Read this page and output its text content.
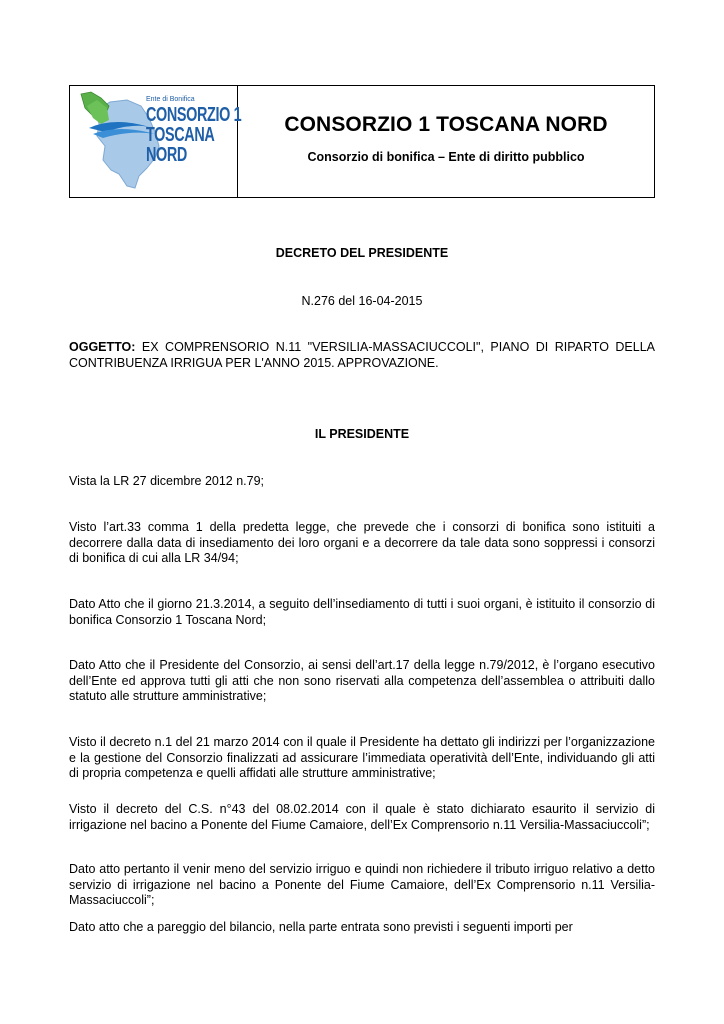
Ente di Bonifica
CONSORZIO 1
TOSCANA
NORD
CONSORZIO 1 TOSCANA NORD
Consorzio di bonifica – Ente di diritto pubblico
DECRETO DEL PRESIDENTE
N.276 del 16-04-2015
OGGETTO: EX COMPRENSORIO N.11 "VERSILIA-MASSACIUCCOLI", PIANO DI RIPARTO DELLA CONTRIBUENZA IRRIGUA PER L'ANNO 2015. APPROVAZIONE.
IL PRESIDENTE
Vista la LR 27 dicembre 2012 n.79;
Visto l’art.33 comma 1 della predetta legge, che prevede che i consorzi di bonifica sono istituiti a decorrere dalla data di insediamento dei loro organi e a decorrere da tale data sono soppressi i consorzi di bonifica di cui alla LR 34/94;
Dato Atto che il giorno 21.3.2014, a seguito dell’insediamento di tutti i suoi organi, è istituito il consorzio di bonifica Consorzio 1 Toscana Nord;
Dato Atto che il Presidente del Consorzio, ai sensi dell’art.17 della legge n.79/2012, è l’organo esecutivo dell’Ente ed approva tutti gli atti che non sono riservati alla competenza dell’assemblea o attribuiti dallo statuto alle strutture amministrative;
Visto il decreto n.1 del 21 marzo 2014 con il quale il Presidente ha dettato gli indirizzi per l’organizzazione e la gestione del Consorzio finalizzati ad assicurare l’immediata operatività dell’Ente, individuando gli atti di propria competenza e quelli affidati alle strutture amministrative;
Visto il decreto del C.S. n°43 del 08.02.2014 con il quale è stato dichiarato esaurito il servizio di irrigazione nel bacino a Ponente del Fiume Camaiore, dell’Ex Comprensorio n.11 Versilia-Massaciuccoli”;
Dato atto pertanto il venir meno del servizio irriguo e quindi non richiedere il tributo irriguo relativo a detto servizio di irrigazione nel bacino a Ponente del Fiume Camaiore, dell’Ex Comprensorio n.11 Versilia-Massaciuccoli”;
Dato atto che a pareggio del bilancio, nella parte entrata sono previsti i seguenti importi per
